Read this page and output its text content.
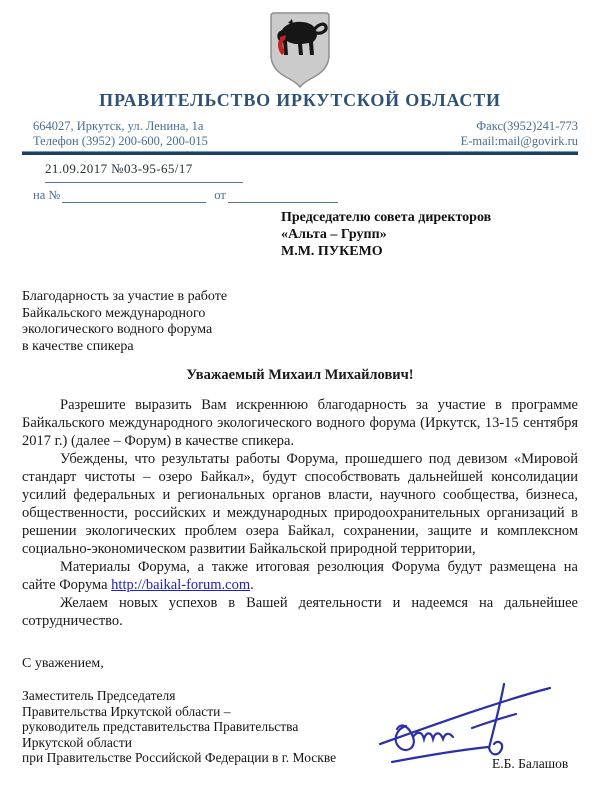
ПРАВИТЕЛЬСТВО ИРКУТСКОЙ ОБЛАСТИ
664027, Иркутск, ул. Ленина, 1а
Телефон (3952) 200-600, 200-015
Факс(3952)241-773
E-mail:mail@govirk.ru
21.09.2017 №03-95-65/17
на №	от
Председателю совета директоров
«Альта – Групп»
М.М. ПУКЕМО
Благодарность за участие в работе
Байкальского международного
экологического водного форума
в качестве спикера
Уважаемый Михаил Михайлович!

Разрешите выразить Вам искреннюю благодарность за участие в программе Байкальского международного экологического водного форума (Иркутск, 13-15 сентября 2017 г.) (далее – Форум) в качестве спикера.

Убеждены, что результаты работы Форума, прошедшего под девизом «Мировой стандарт чистоты – озеро Байкал», будут способствовать дальнейшей консолидации усилий федеральных и региональных органов власти, научного сообщества, бизнеса, общественности, российских и международных природоохранительных организаций в решении экологических проблем озера Байкал, сохранении, защите и комплексном социально-экономическом развитии Байкальской природной территории,

Материалы Форума, а также итоговая резолюция Форума будут размещена на сайте Форума http://baikal-forum.com.

Желаем новых успехов в Вашей деятельности и надеемся на дальнейшее сотрудничество.

С уважением,
Заместитель Председателя
Правительства Иркутской области –
руководитель представительства Правительства
Иркутской области
при Правительстве Российской Федерации в г. Москве	Е.Б. Балашов
